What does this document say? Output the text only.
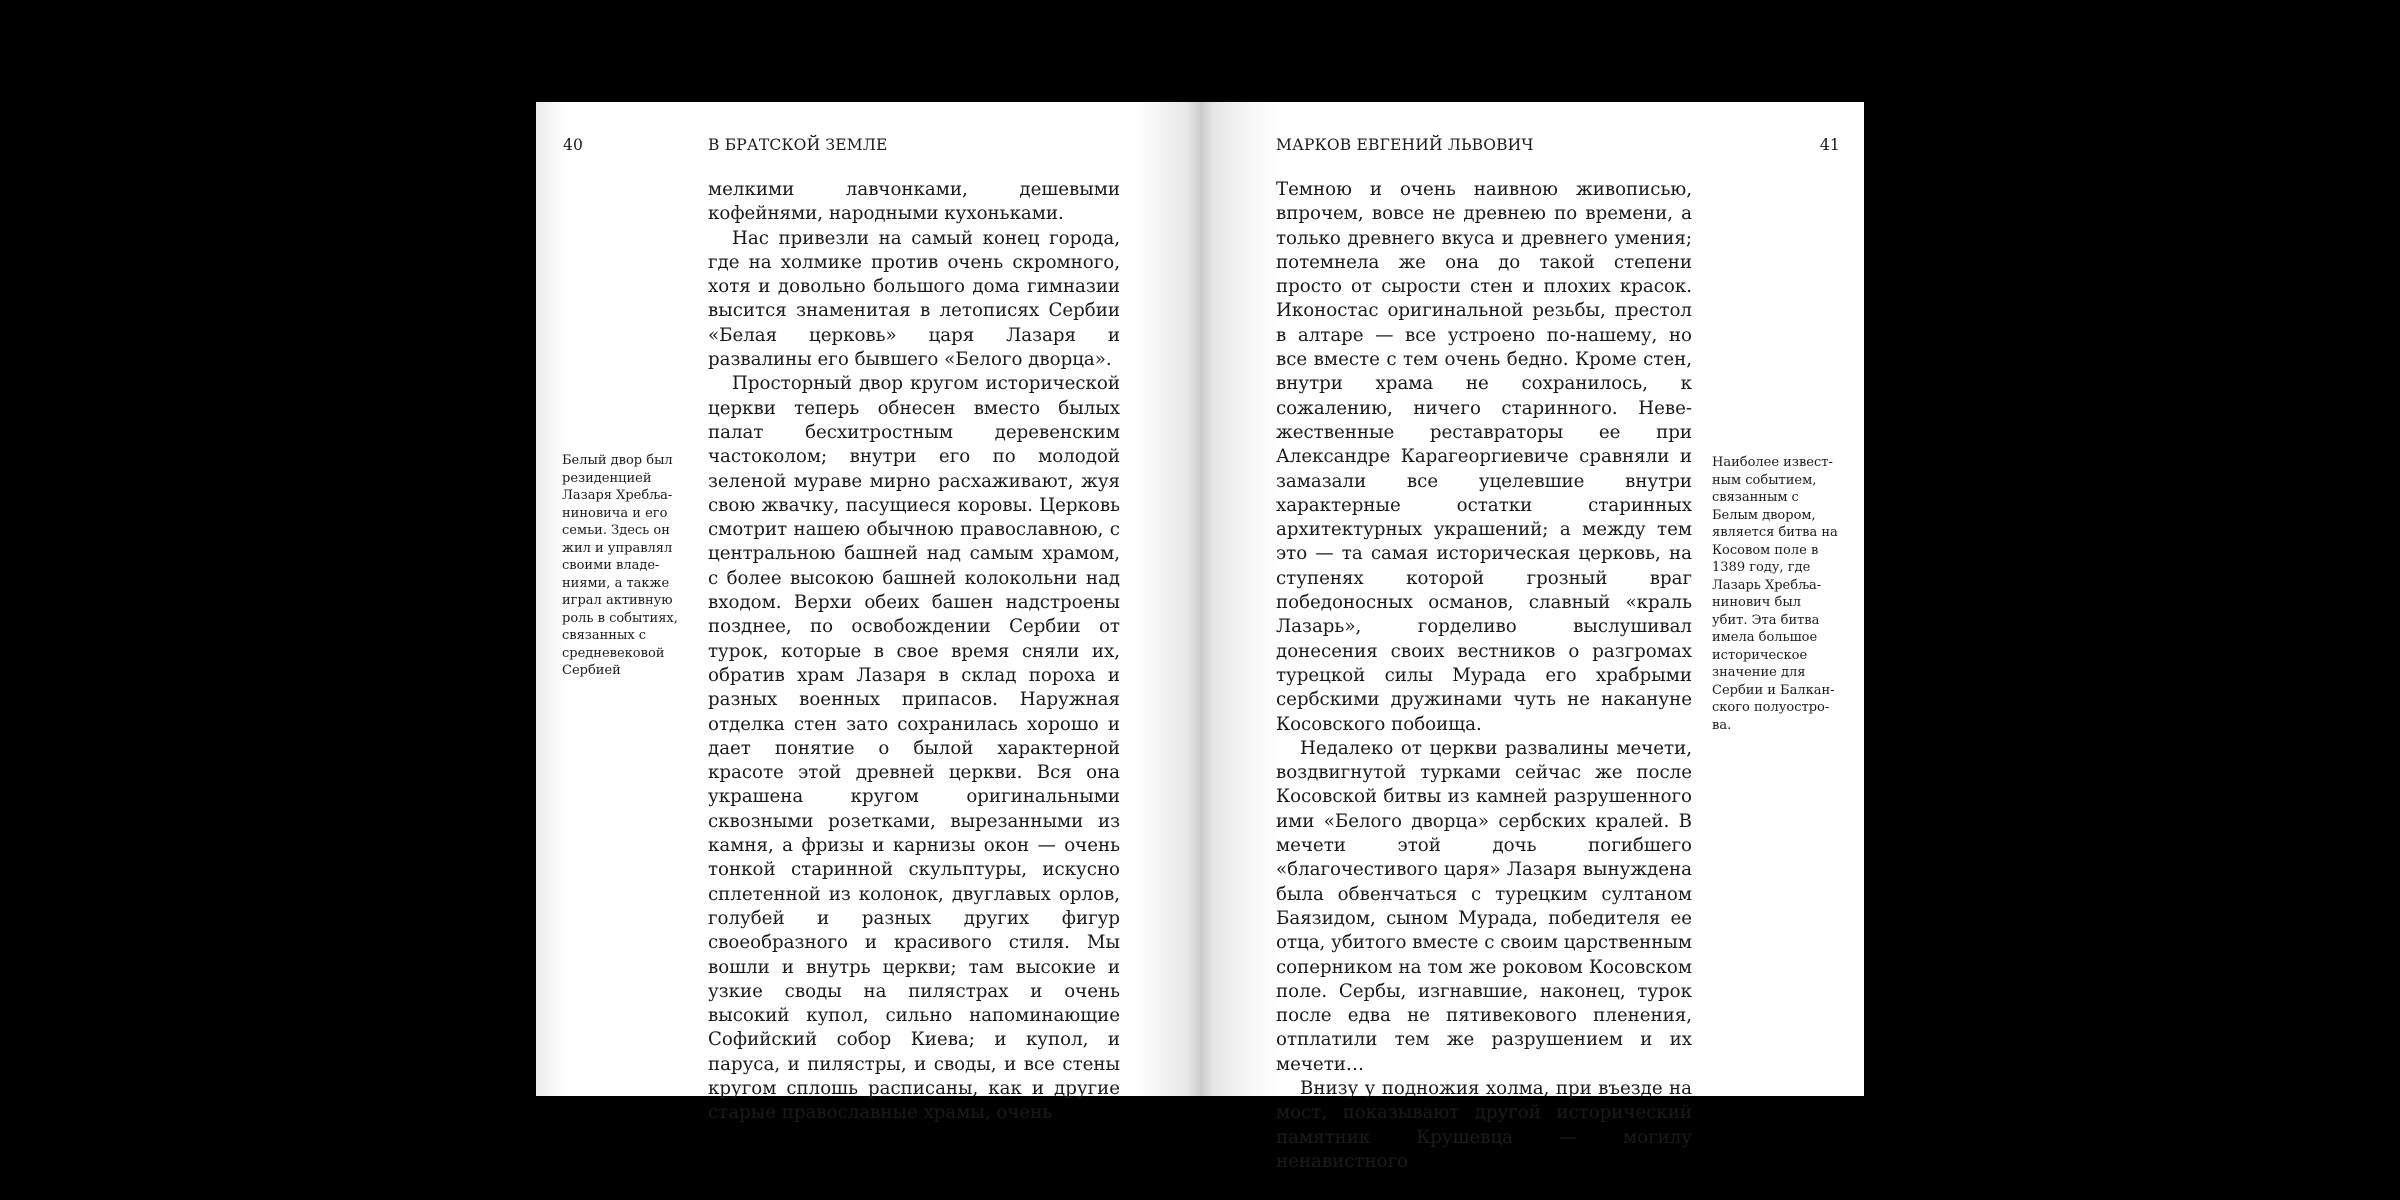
40	В БРАТСКОЙ ЗЕМЛЕ
Белый двор был резиденцией Лазаря Хребљаниновича и его семьи. Здесь он жил и управлял своими владениями, а также играл активную роль в событиях, связанных с средневековой Сербией

мелкими лавчонками, дешевыми кофейнями, народными кухоньками.

Нас привезли на самый конец города, где на холмике против очень скромного, хотя и довольно большого дома гимназии высится знаменитая в летописях Сербии «Белая церковь» царя Лазаря и развалины его бывшего «Белого дворца».

Просторный двор кругом исторической церкви теперь обнесен вместо былых палат бесхитростным деревенским частоколом; внутри его по молодой зеленой мураве мирно расхаживают, жуя свою жвачку, пасущиеся коровы. Церковь смотрит нашею обычною православною, с центральною башней над самым храмом, с более высокою башней колокольни над входом. Верхи обеих башен надстроены позднее, по освобождении Сербии от турок, которые в свое время сняли их, обратив храм Лазаря в склад пороха и разных военных припасов. Наружная отделка стен зато сохранилась хорошо и дает понятие о былой характерной красоте этой древней церкви. Вся она украшена кругом оригинальными сквозными розетками, вырезанными из камня, а фризы и карнизы окон — очень тонкой старинной скульптуры, искусно сплетенной из колонок, двуглавых орлов, голубей и разных других фигур своеобразного и красивого стиля. Мы вошли и внутрь церкви; там высокие и узкие своды на пилястрах и очень высокий купол, сильно напоминающие Софийский собор Киева; и купол, и паруса, и пилястры, и своды, и все стены кругом сплошь расписаны, как и другие старые православные храмы, очень

МАРКОВ ЕВГЕНИЙ ЛЬВОВИЧ	41

Темною и очень наивною живописью, впрочем, вовсе не древнею по времени, а только древнего вкуса и древнего умения; потемнела же она до такой степени просто от сырости стен и плохих красок. Иконостас оригинальной резьбы, престол в алтаре — все устроено по-нашему, но все вместе с тем очень бедно. Кроме стен, внутри храма не сохранилось, к сожалению, ничего старинного. Невежественные реставраторы ее при Александре Карагеоргиевиче сравняли и замазали все уцелевшие внутри характерные остатки старинных архитектурных украшений; а между тем это — та самая историческая церковь, на ступенях которой грозный враг победоносных османов, славный «краль Лазарь», горделиво выслушивал донесения своих вестников о разгромах турецкой силы Мурада его храбрыми сербскими дружинами чуть не накануне Косовского побоища.

Недалеко от церкви развалины мечети, воздвигнутой турками сейчас же после Косовской битвы из камней разрушенного ими «Белого дворца» сербских кралей. В мечети этой дочь погибшего «благочестивого царя» Лазаря вынуждена была обвенчаться с турецким султаном Баязидом, сыном Мурада, победителя ее отца, убитого вместе с своим царственным соперником на том же роковом Косовском поле. Сербы, изгнавшие, наконец, турок после едва не пятивекового пленения, отплатили тем же разрушением и их мечети…

Внизу у подножия холма, при въезде на мост, показывают другой исторический памятник Крушевца — могилу ненавистного

Наиболее известным событием, связанным с Белым двором, является битва на Косовом поле в 1389 году, где Лазарь Хребљанинович был убит. Эта битва имела большое историческое значение для Сербии и Балканского полуострова.
